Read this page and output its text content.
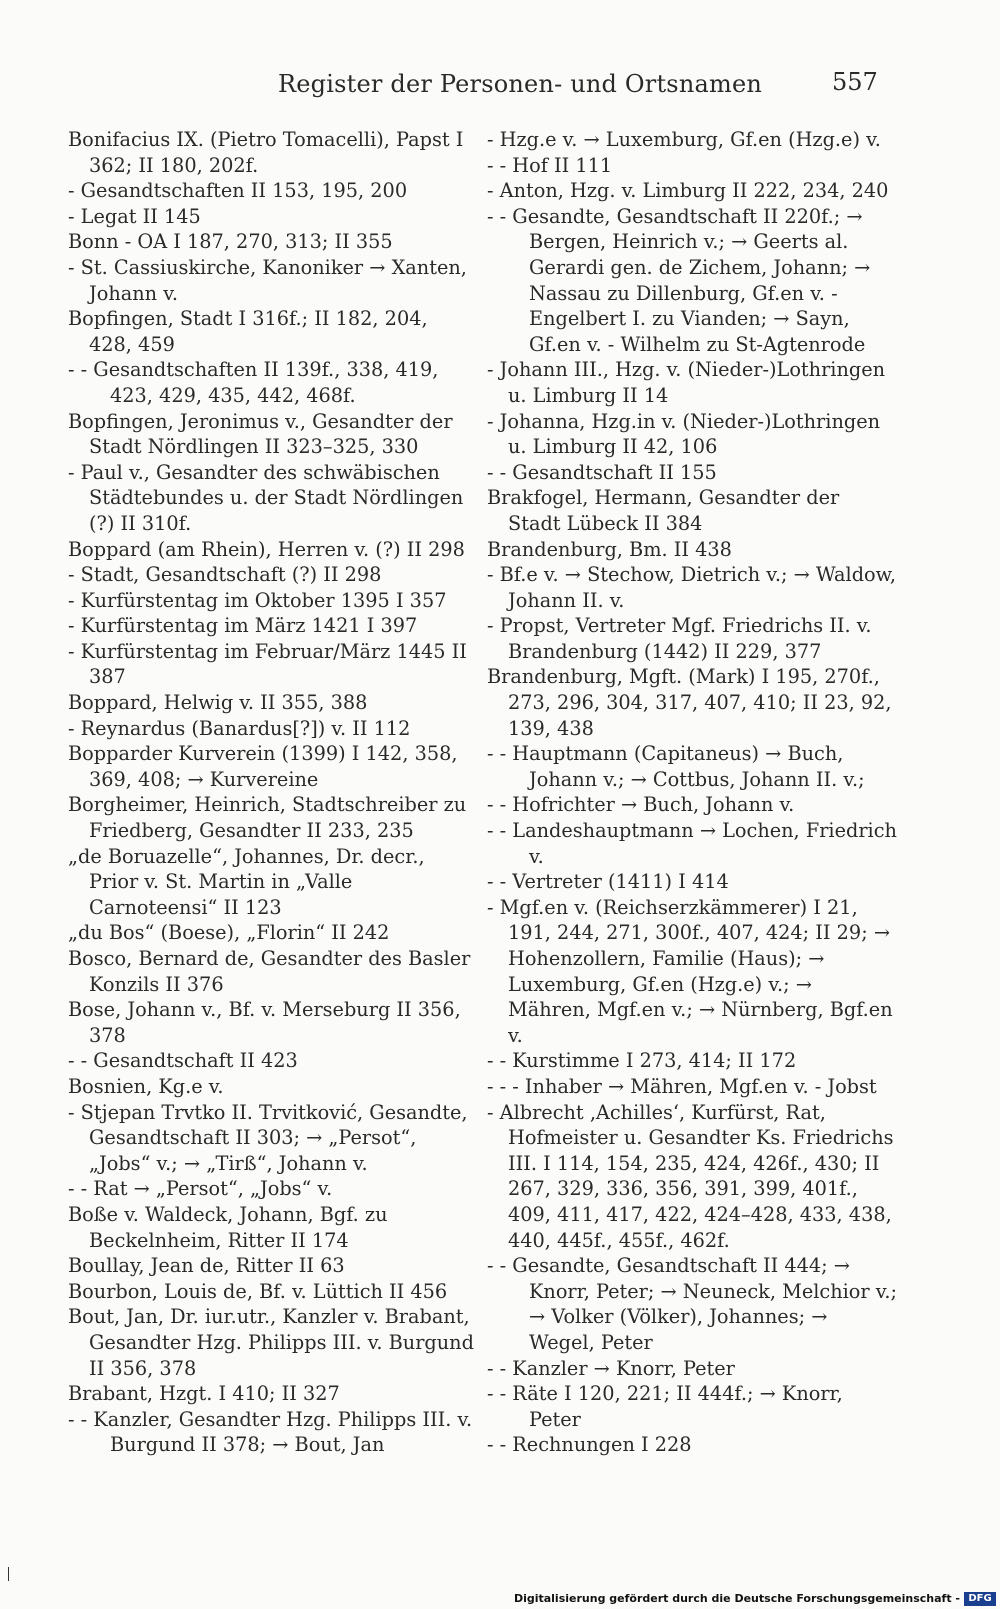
Register der Personen- und Ortsnamen	557
Bonifacius IX. (Pietro Tomacelli), Papst I 362; II 180, 202f.
- Gesandtschaften II 153, 195, 200
- Legat II 145
Bonn - OA I 187, 270, 313; II 355
- St. Cassiuskirche, Kanoniker → Xanten, Johann v.
Bopfingen, Stadt I 316f.; II 182, 204, 428, 459
- - Gesandtschaften II 139f., 338, 419, 423, 429, 435, 442, 468f.
Bopfingen, Jeronimus v., Gesandter der Stadt Nördlingen II 323–325, 330
- Paul v., Gesandter des schwäbischen Städtebundes u. der Stadt Nördlingen (?) II 310f.
Boppard (am Rhein), Herren v. (?) II 298
- Stadt, Gesandtschaft (?) II 298
- Kurfürstentag im Oktober 1395 I 357
- Kurfürstentag im März 1421 I 397
- Kurfürstentag im Februar/März 1445 II 387
Boppard, Helwig v. II 355, 388
- Reynardus (Banardus[?]) v. II 112
Bopparder Kurverein (1399) I 142, 358, 369, 408; → Kurvereine
Borgheimer, Heinrich, Stadtschreiber zu Friedberg, Gesandter II 233, 235
„de Boruazelle“, Johannes, Dr. decr., Prior v. St. Martin in „Valle Carnoteensi“ II 123
„du Bos“ (Boese), „Florin“ II 242
Bosco, Bernard de, Gesandter des Basler Konzils II 376
Bose, Johann v., Bf. v. Merseburg II 356, 378
- - Gesandtschaft II 423
Bosnien, Kg.e v.
- Stjepan Trvtko II. Trvitković, Gesandte, Gesandtschaft II 303; → „Persot“, „Jobs“ v.; → „Tirß“, Johann v.
- - Rat → „Persot“, „Jobs“ v.
Boße v. Waldeck, Johann, Bgf. zu Beckelnheim, Ritter II 174
Boullay, Jean de, Ritter II 63
Bourbon, Louis de, Bf. v. Lüttich II 456
Bout, Jan, Dr. iur.utr., Kanzler v. Brabant, Gesandter Hzg. Philipps III. v. Burgund II 356, 378
Brabant, Hzgt. I 410; II 327
- - Kanzler, Gesandter Hzg. Philipps III. v. Burgund II 378; → Bout, Jan
- Hzg.e v. → Luxemburg, Gf.en (Hzg.e) v.
- - Hof II 111
- Anton, Hzg. v. Limburg II 222, 234, 240
- - Gesandte, Gesandtschaft II 220f.; → Bergen, Heinrich v.; → Geerts al. Gerardi gen. de Zichem, Johann; → Nassau zu Dillenburg, Gf.en v. - Engelbert I. zu Vianden; → Sayn, Gf.en v. - Wilhelm zu St-Agtenrode
- Johann III., Hzg. v. (Nieder-)Lothringen u. Limburg II 14
- Johanna, Hzg.in v. (Nieder-)Lothringen u. Limburg II 42, 106
- - Gesandtschaft II 155
Brakfogel, Hermann, Gesandter der Stadt Lübeck II 384
Brandenburg, Bm. II 438
- Bf.e v. → Stechow, Dietrich v.; → Waldow, Johann II. v.
- Propst, Vertreter Mgf. Friedrichs II. v. Brandenburg (1442) II 229, 377
Brandenburg, Mgft. (Mark) I 195, 270f., 273, 296, 304, 317, 407, 410; II 23, 92, 139, 438
- - Hauptmann (Capitaneus) → Buch, Johann v.; → Cottbus, Johann II. v.;
- - Hofrichter → Buch, Johann v.
- - Landeshauptmann → Lochen, Friedrich v.
- - Vertreter (1411) I 414
- Mgf.en v. (Reichserzkämmerer) I 21, 191, 244, 271, 300f., 407, 424; II 29; → Hohenzollern, Familie (Haus); → Luxemburg, Gf.en (Hzg.e) v.; → Mähren, Mgf.en v.; → Nürnberg, Bgf.en v.
- - Kurstimme I 273, 414; II 172
- - - Inhaber → Mähren, Mgf.en v. - Jobst
- Albrecht ‚Achilles‘, Kurfürst, Rat, Hofmeister u. Gesandter Ks. Friedrichs III. I 114, 154, 235, 424, 426f., 430; II 267, 329, 336, 356, 391, 399, 401f., 409, 411, 417, 422, 424–428, 433, 438, 440, 445f., 455f., 462f.
- - Gesandte, Gesandtschaft II 444; → Knorr, Peter; → Neuneck, Melchior v.; → Volker (Völker), Johannes; → Wegel, Peter
- - Kanzler → Knorr, Peter
- - Räte I 120, 221; II 444f.; → Knorr, Peter
- - Rechnungen I 228
Digitalisierung gefördert durch die Deutsche Forschungsgemeinschaft - DFG
